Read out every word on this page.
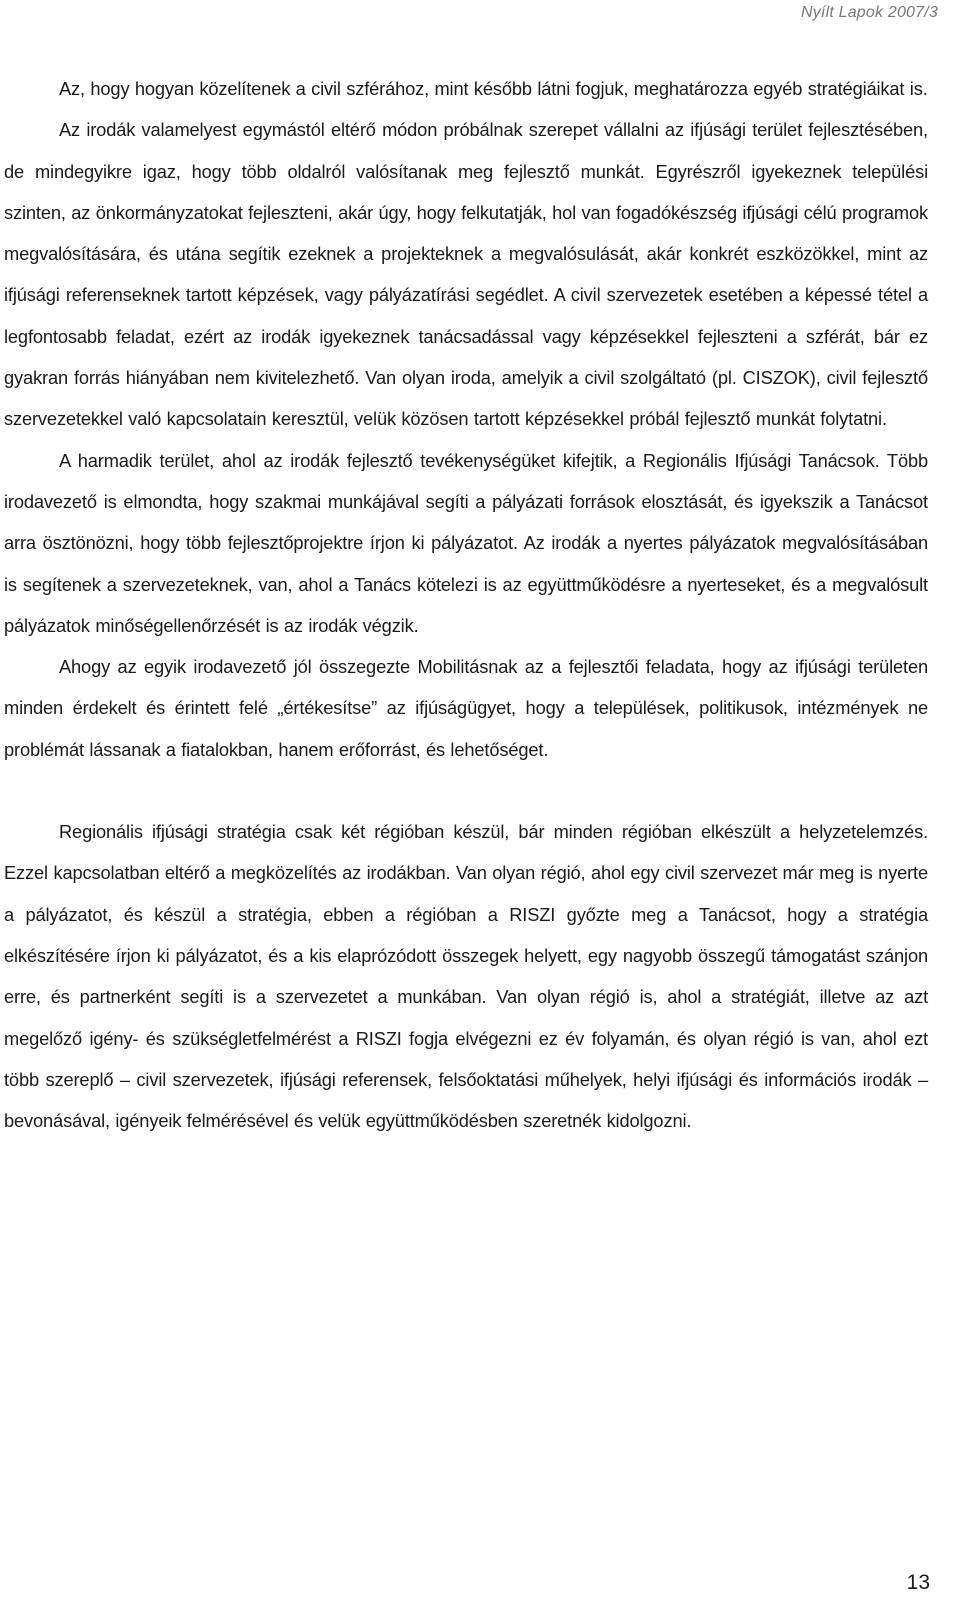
Nyílt Lapok 2007/3

Az, hogy hogyan közelítenek a civil szférához, mint később látni fogjuk, meghatározza egyéb stratégiáikat is.

Az irodák valamelyest egymástól eltérő módon próbálnak szerepet vállalni az ifjúsági terület fejlesztésében, de mindegyikre igaz, hogy több oldalról valósítanak meg fejlesztő munkát. Egyrészről igyekeznek települési szinten, az önkormányzatokat fejleszteni, akár úgy, hogy felkutatják, hol van fogadókészség ifjúsági célú programok megvalósítására, és utána segítik ezeknek a projekteknek a megvalósulását, akár konkrét eszközökkel, mint az ifjúsági referenseknek tartott képzések, vagy pályázatírási segédlet. A civil szervezetek esetében a képessé tétel a legfontosabb feladat, ezért az irodák igyekeznek tanácsadással vagy képzésekkel fejleszteni a szférát, bár ez gyakran forrás hiányában nem kivitelezhető. Van olyan iroda, amelyik a civil szolgáltató (pl. CISZOK), civil fejlesztő szervezetekkel való kapcsolatain keresztül, velük közösen tartott képzésekkel próbál fejlesztő munkát folytatni.

A harmadik terület, ahol az irodák fejlesztő tevékenységüket kifejtik, a Regionális Ifjúsági Tanácsok. Több irodavezető is elmondta, hogy szakmai munkájával segíti a pályázati források elosztását, és igyekszik a Tanácsot arra ösztönözni, hogy több fejlesztőprojektre írjon ki pályázatot. Az irodák a nyertes pályázatok megvalósításában is segítenek a szervezeteknek, van, ahol a Tanács kötelezi is az együttműködésre a nyerteseket, és a megvalósult pályázatok minőségellenőrzését is az irodák végzik.

Ahogy az egyik irodavezető jól összegezte Mobilitásnak az a fejlesztői feladata, hogy az ifjúsági területen minden érdekelt és érintett felé „értékesítse” az ifjúságügyet, hogy a települések, politikusok, intézmények ne problémát lássanak a fiatalokban, hanem erőforrást, és lehetőséget.

Regionális ifjúsági stratégia csak két régióban készül, bár minden régióban elkészült a helyzetelemzés. Ezzel kapcsolatban eltérő a megközelítés az irodákban. Van olyan régió, ahol egy civil szervezet már meg is nyerte a pályázatot, és készül a stratégia, ebben a régióban a RISZI győzte meg a Tanácsot, hogy a stratégia elkészítésére írjon ki pályázatot, és a kis elaprózódott összegek helyett, egy nagyobb összegű támogatást szánjon erre, és partnerként segíti is a szervezetet a munkában. Van olyan régió is, ahol a stratégiát, illetve az azt megelőző igény- és szükségletfelmérést a RISZI fogja elvégezni ez év folyamán, és olyan régió is van, ahol ezt több szereplő – civil szervezetek, ifjúsági referensek, felsőoktatási műhelyek, helyi ifjúsági és információs irodák – bevonásával, igényeik felmérésével és velük együttműködésben szeretnék kidolgozni.

13
